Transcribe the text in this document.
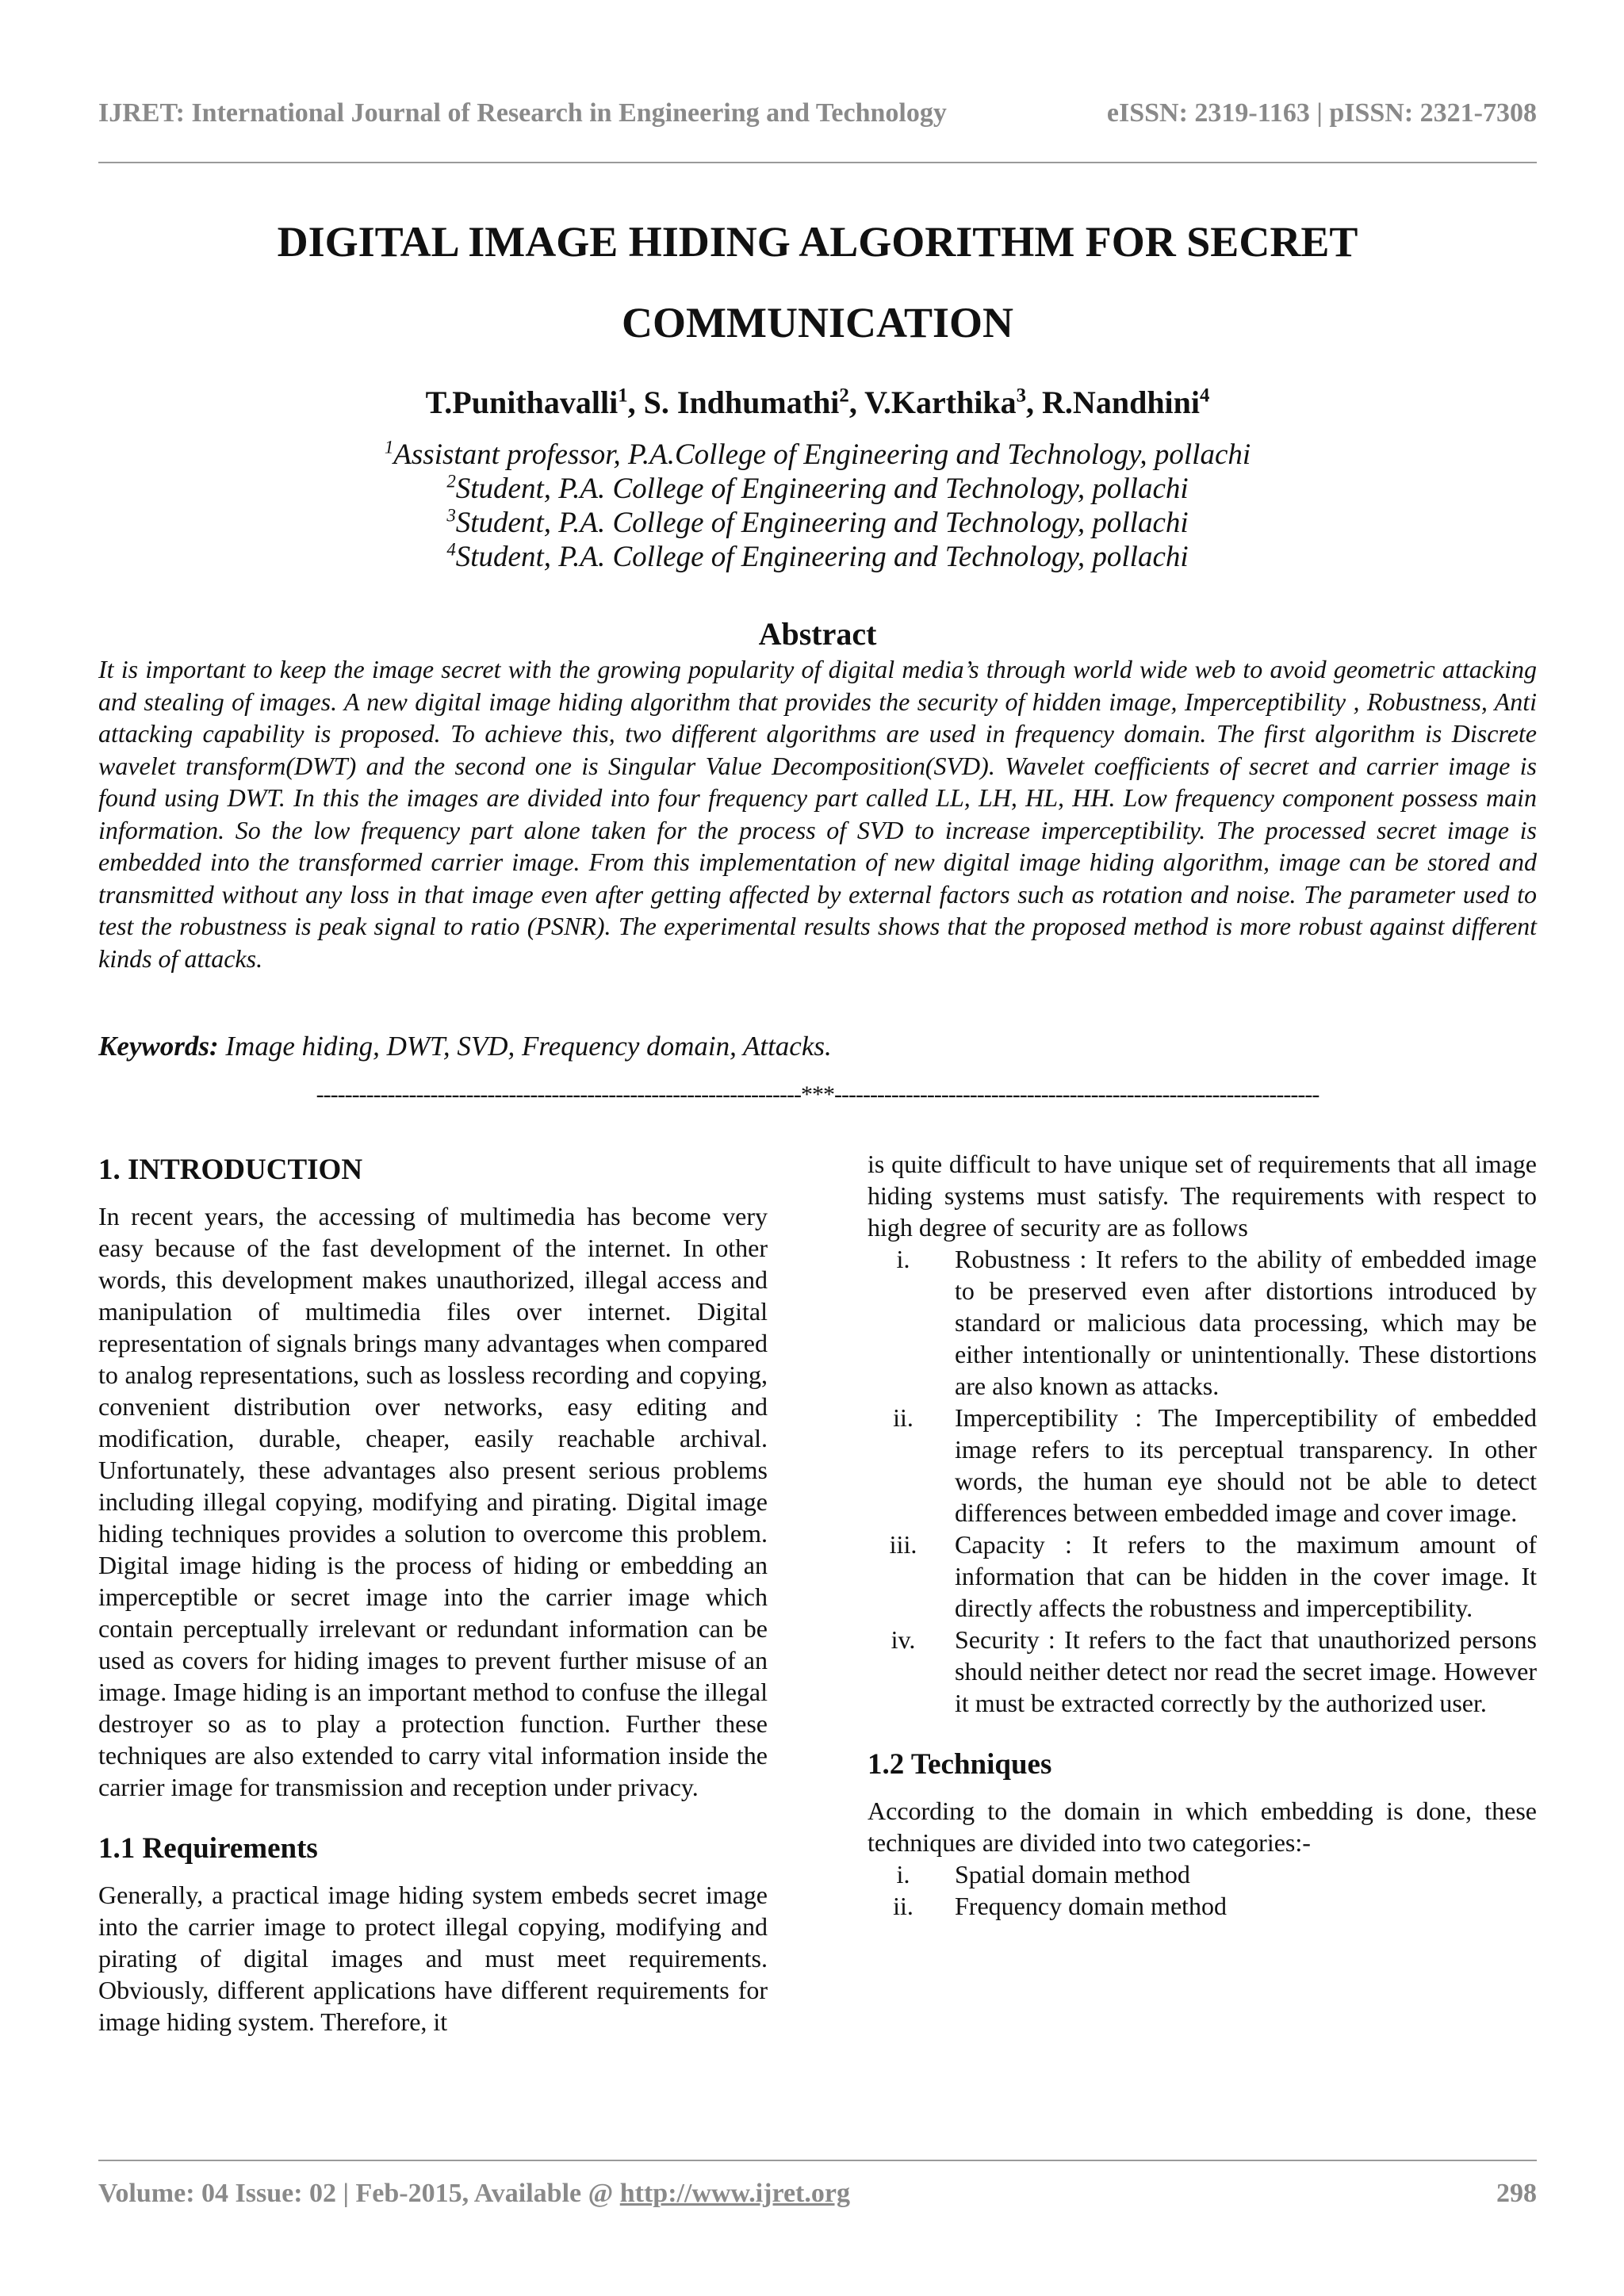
IJRET: International Journal of Research in Engineering and Technology	eISSN: 2319-1163 | pISSN: 2321-7308
DIGITAL IMAGE HIDING ALGORITHM FOR SECRET
COMMUNICATION
T.Punithavalli$^1$, S. Indhumathi$^2$, V.Karthika$^3$, R.Nandhini$^4$
$^1$Assistant professor, P.A.College of Engineering and Technology, pollachi
$^2$Student, P.A. College of Engineering and Technology, pollachi
$^3$Student, P.A. College of Engineering and Technology, pollachi
$^4$Student, P.A. College of Engineering and Technology, pollachi
Abstract

It is important to keep the image secret with the growing popularity of digital media’s through world wide web to avoid geometric attacking and stealing of images. A new digital image hiding algorithm that provides the security of hidden image, Imperceptibility , Robustness, Anti attacking capability is proposed. To achieve this, two different algorithms are used in frequency domain. The first algorithm is Discrete wavelet transform(DWT) and the second one is Singular Value Decomposition(SVD). Wavelet coefficients of secret and carrier image is found using DWT. In this the images are divided into four frequency part called LL, LH, HL, HH. Low frequency component possess main information. So the low frequency part alone taken for the process of SVD to increase imperceptibility. The processed secret image is embedded into the transformed carrier image. From this implementation of new digital image hiding algorithm, image can be stored and transmitted without any loss in that image even after getting affected by external factors such as rotation and noise. The parameter used to test the robustness is peak signal to ratio (PSNR). The experimental results shows that the proposed method is more robust against different kinds of attacks.

Keywords: Image hiding, DWT, SVD, Frequency domain, Attacks.
--------------------------------------------------------------------***--------------------------------------------------------------------
1. INTRODUCTION

In recent years, the accessing of multimedia has become very easy because of the fast development of the internet. In other words, this development makes unauthorized, illegal access and manipulation of multimedia files over internet. Digital representation of signals brings many advantages when compared to analog representations, such as lossless recording and copying, convenient distribution over networks, easy editing and modification, durable, cheaper, easily reachable archival. Unfortunately, these advantages also present serious problems including illegal copying, modifying and pirating. Digital image hiding techniques provides a solution to overcome this problem. Digital image hiding is the process of hiding or embedding an imperceptible or secret image into the carrier image which contain perceptually irrelevant or redundant information can be used as covers for hiding images to prevent further misuse of an image. Image hiding is an important method to confuse the illegal destroyer so as to play a protection function. Further these techniques are also extended to carry vital information inside the carrier image for transmission and reception under privacy.

1.1 Requirements

Generally, a practical image hiding system embeds secret image into the carrier image to protect illegal copying, modifying and pirating of digital images and must meet requirements. Obviously, different applications have different requirements for image hiding system. Therefore, it

is quite difficult to have unique set of requirements that all image hiding systems must satisfy. The requirements with respect to high degree of security are as follows

i.	Robustness : It refers to the ability of embedded image to be preserved even after distortions introduced by standard or malicious data processing, which may be either intentionally or unintentionally. These distortions are also known as attacks.
ii.	Imperceptibility : The Imperceptibility of embedded image refers to its perceptual transparency. In other words, the human eye should not be able to detect differences between embedded image and cover image.
iii.	Capacity : It refers to the maximum amount of information that can be hidden in the cover image. It directly affects the robustness and imperceptibility.
iv.	Security : It refers to the fact that unauthorized persons should neither detect nor read the secret image. However it must be extracted correctly by the authorized user.
1.2 Techniques

According to the domain in which embedding is done, these techniques are divided into two categories:-

i.	Spatial domain method
ii.	Frequency domain method
Volume: 04 Issue: 02 | Feb-2015, Available @ http://www.ijret.org	298
